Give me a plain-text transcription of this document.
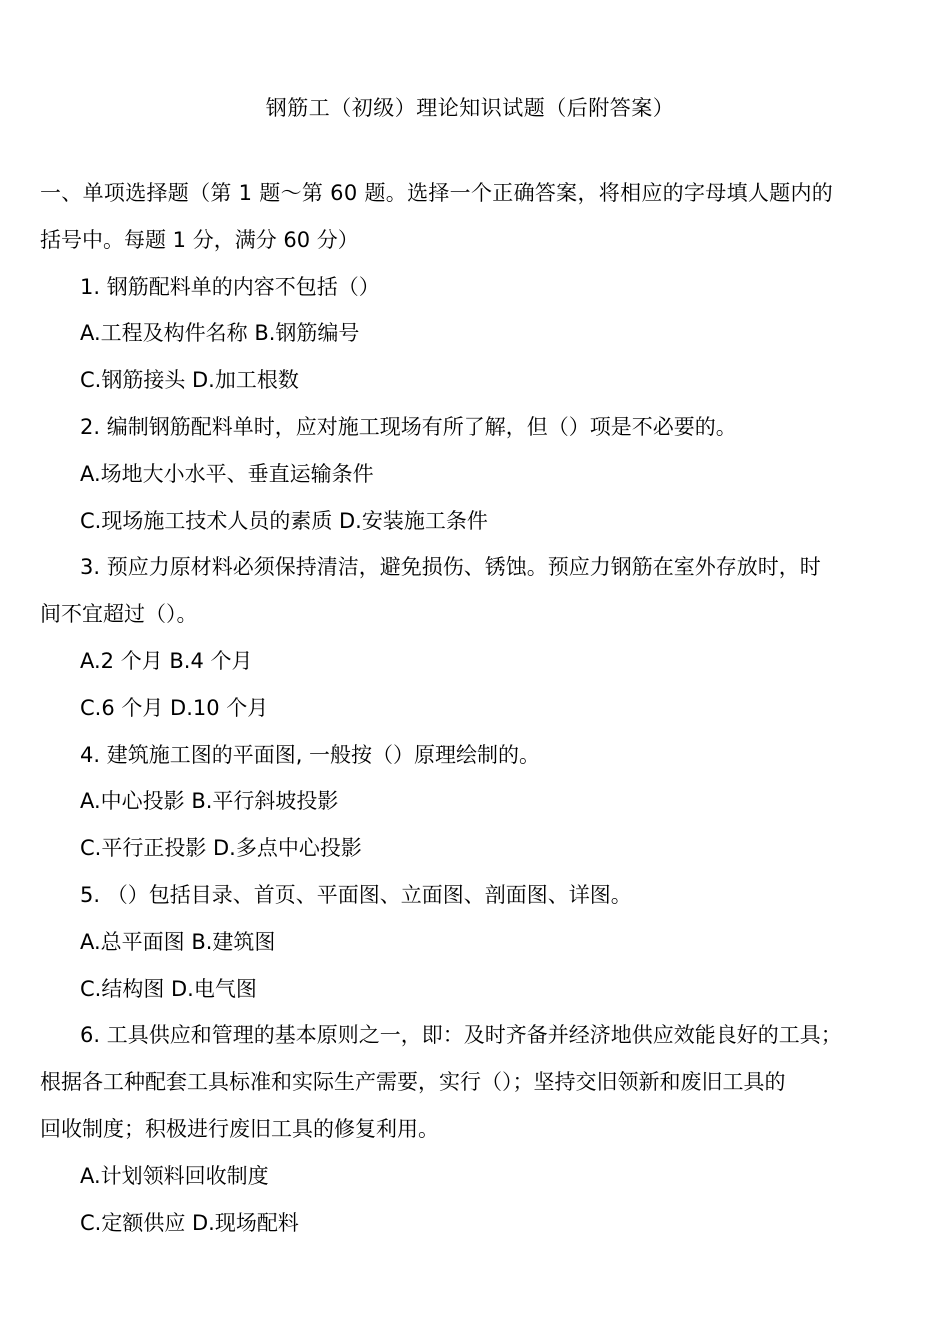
钢筋工（初级）理论知识试题（后附答案）
一、单项选择题（第 1 题～第 60 题。选择一个正确答案，将相应的字母填人题内的
括号中。每题 1 分，满分 60 分）
1. 钢筋配料单的内容不包括（）
A.工程及构件名称 B.钢筋编号
C.钢筋接头 D.加工根数
2. 编制钢筋配料单时，应对施工现场有所了解，但（）项是不必要的。
A.场地大小水平、垂直运输条件
C.现场施工技术人员的素质 D.安装施工条件
3. 预应力原材料必须保持清洁，避免损伤、锈蚀。预应力钢筋在室外存放时，时
间不宜超过（）。
A.2 个月 B.4 个月
C.6 个月 D.10 个月
4. 建筑施工图的平面图, 一般按（）原理绘制的。
A.中心投影 B.平行斜坡投影
C.平行正投影 D.多点中心投影
5. （）包括目录、首页、平面图、立面图、剖面图、详图。
A.总平面图 B.建筑图
C.结构图 D.电气图
6. 工具供应和管理的基本原则之一，即：及时齐备并经济地供应效能良好的工具；
根据各工种配套工具标准和实际生产需要，实行（）；坚持交旧领新和废旧工具的
回收制度；积极进行废旧工具的修复利用。
A.计划领料回收制度
C.定额供应 D.现场配料
